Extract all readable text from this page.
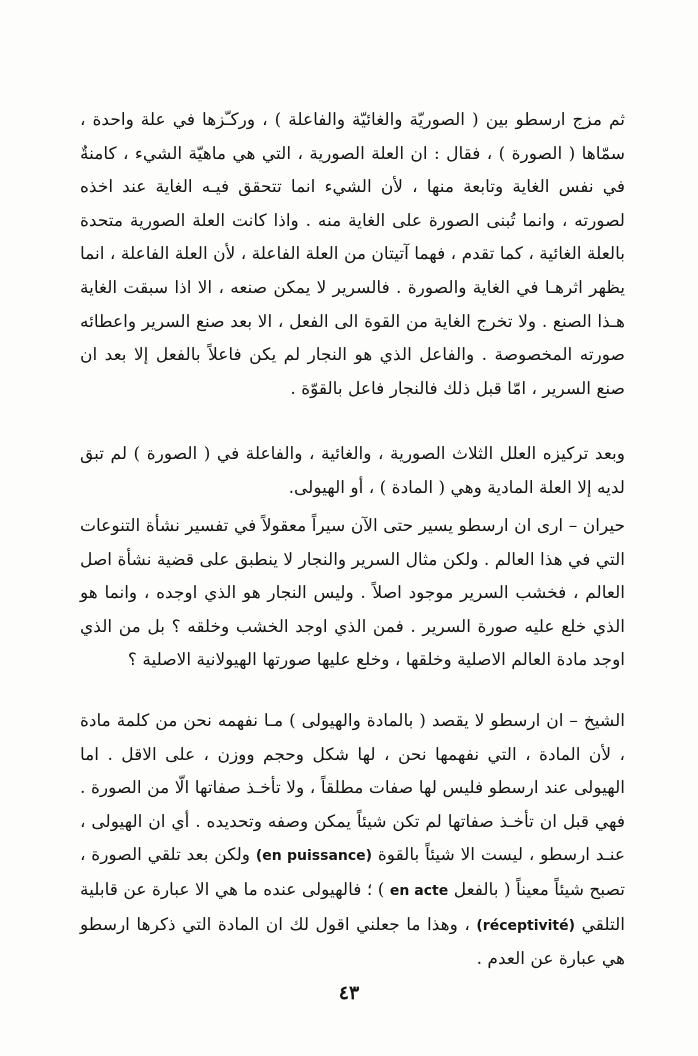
ثم مزج ارسطو بين ( الصوريّة والغائيّة والفاعلة ) ، وركـّزها في علة واحدة ، سمّاها ( الصورة ) ، فقال : ان العلة الصورية ، التي هي ماهيّة الشيء ، كامنةٌ في نفس الغاية وتابعة منها ، لأن الشيء انما تتحقق فيـه الغاية عند اخذه لصورته ، وانما تُبنى الصورة على الغاية منه . واذا كانت العلة الصورية متحدة بالعلة الغائية ، كما تقدم ، فهما آتيتان من العلة الفاعلة ، لأن العلة الفاعلة ، انما يظهر اثرهـا في الغاية والصورة . فالسرير لا يمكن صنعه ، الا اذا سبقت الغاية هـذا الصنع . ولا تخرج الغاية من القوة الى الفعل ، الا بعد صنع السرير واعطائه صورته المخصوصة . والفاعل الذي هو النجار لم يكن فاعلاً بالفعل إلا بعد ان صنع السرير ، امّا قبل ذلك فالنجار فاعل بالقوّة .
وبعد تركيزه العلل الثلاث الصورية ، والغائية ، والفاعلة في ( الصورة ) لم تبق لديه إلا العلة المادية وهي ( المادة ) ، أو الهيولى.
حيران – ارى ان ارسطو يسير حتى الآن سيراً معقولاً في تفسير نشأة التنوعات التي في هذا العالم . ولكن مثال السرير والنجار لا ينطبق على قضية نشأة اصل العالم ، فخشب السرير موجود اصلاً . وليس النجار هو الذي اوجده ، وانما هو الذي خلع عليه صورة السرير . فمن الذي اوجد الخشب وخلقه ؟ بل من الذي اوجد مادة العالم الاصلية وخلقها ، وخلع عليها صورتها الهيولانية الاصلية ؟
الشيخ – ان ارسطو لا يقصد ( بالمادة والهيولى ) مـا نفهمه نحن من كلمة مادة ، لأن المادة ، التي نفهمها نحن ، لها شكل وحجم ووزن ، على الاقل . اما الهيولى عند ارسطو فليس لها صفات مطلقاً ، ولا تأخـذ صفاتها الّا من الصورة . فهي قبل ان تأخـذ صفاتها لم تكن شيئاً يمكن وصفه وتحديده . أي ان الهيولى ، عنـد ارسطو ، ليست الا شيئاً بالقوة (en puissance) ولكن بعد تلقي الصورة ، تصبح شيئاً معيناً ( بالفعل en acte ) ؛ فالهيولى عنده ما هي الا عبارة عن قابلية التلقي (réceptivité) ، وهذا ما جعلني اقول لك ان المادة التي ذكرها ارسطو هي عبارة عن العدم .
٤٣
